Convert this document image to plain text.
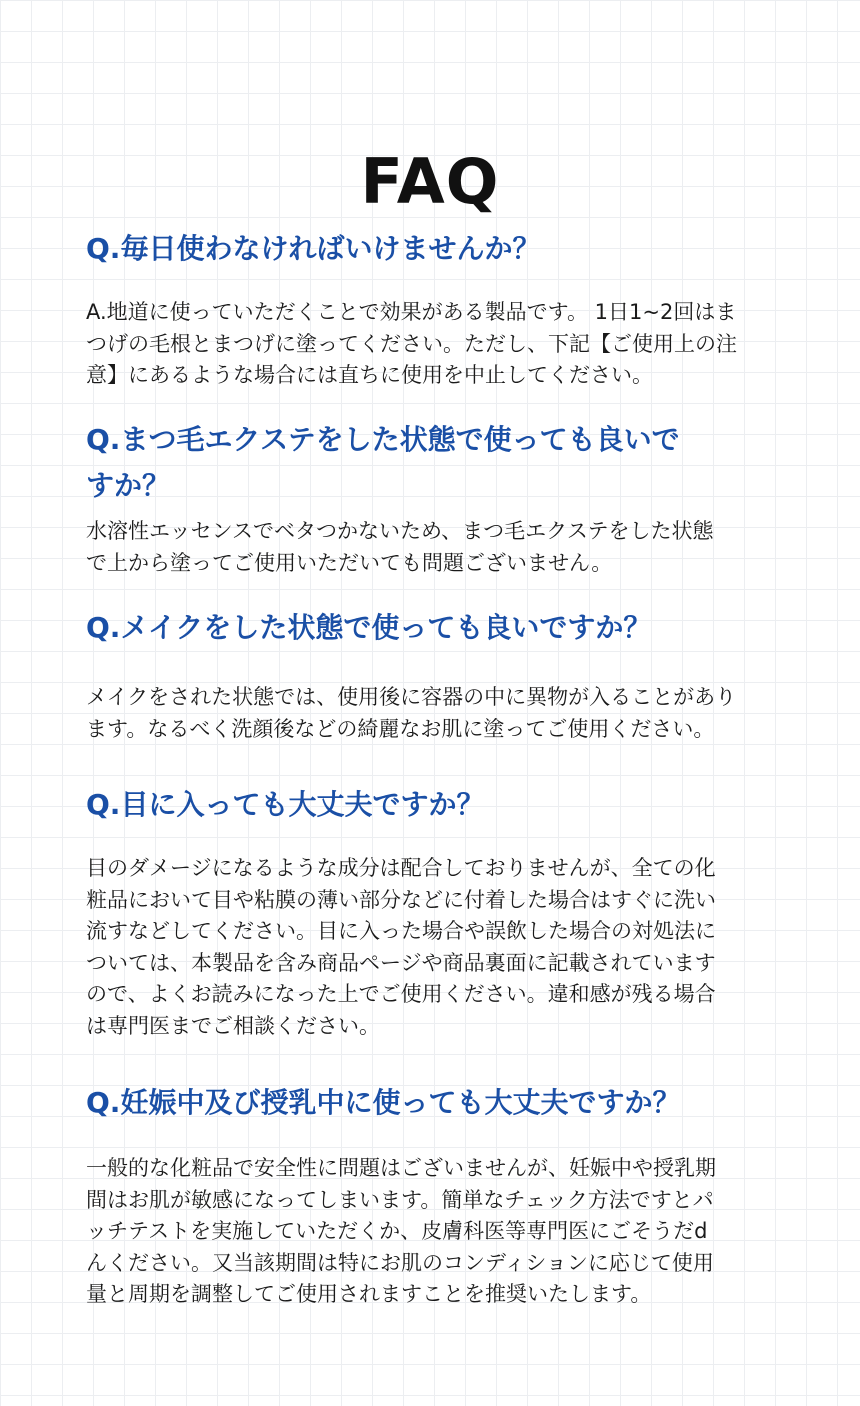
FAQ
Q.毎日使わなければいけませんか？

A.地道に使っていただくことで効果がある製品です。 1日1~2回はま
つげの毛根とまつげに塗ってください。ただし、下記【ご使用上の注
意】にあるような場合には直ちに使用を中止してください。

Q.まつ毛エクステをした状態で使っても良いで
すか？

水溶性エッセンスでベタつかないため、まつ毛エクステをした状態
で上から塗ってご使用いただいても問題ございません。

Q.メイクをした状態で使っても良いですか？

メイクをされた状態では、使用後に容器の中に異物が入ることがあり
ます。なるべく洗顔後などの綺麗なお肌に塗ってご使用ください。

Q.目に入っても大丈夫ですか？

目のダメージになるような成分は配合しておりませんが、全ての化
粧品において目や粘膜の薄い部分などに付着した場合はすぐに洗い
流すなどしてください。目に入った場合や誤飲した場合の対処法に
ついては、本製品を含み商品ページや商品裏面に記載されています
ので、よくお読みになった上でご使用ください。違和感が残る場合
は専門医までご相談ください。

Q.妊娠中及び授乳中に使っても大丈夫ですか？

一般的な化粧品で安全性に問題はございませんが、妊娠中や授乳期
間はお肌が敏感になってしまいます。簡単なチェック方法ですとパ
ッチテストを実施していただくか、皮膚科医等専門医にごそうだd
んください。又当該期間は特にお肌のコンディションに応じて使用
量と周期を調整してご使用されますことを推奨いたします。
